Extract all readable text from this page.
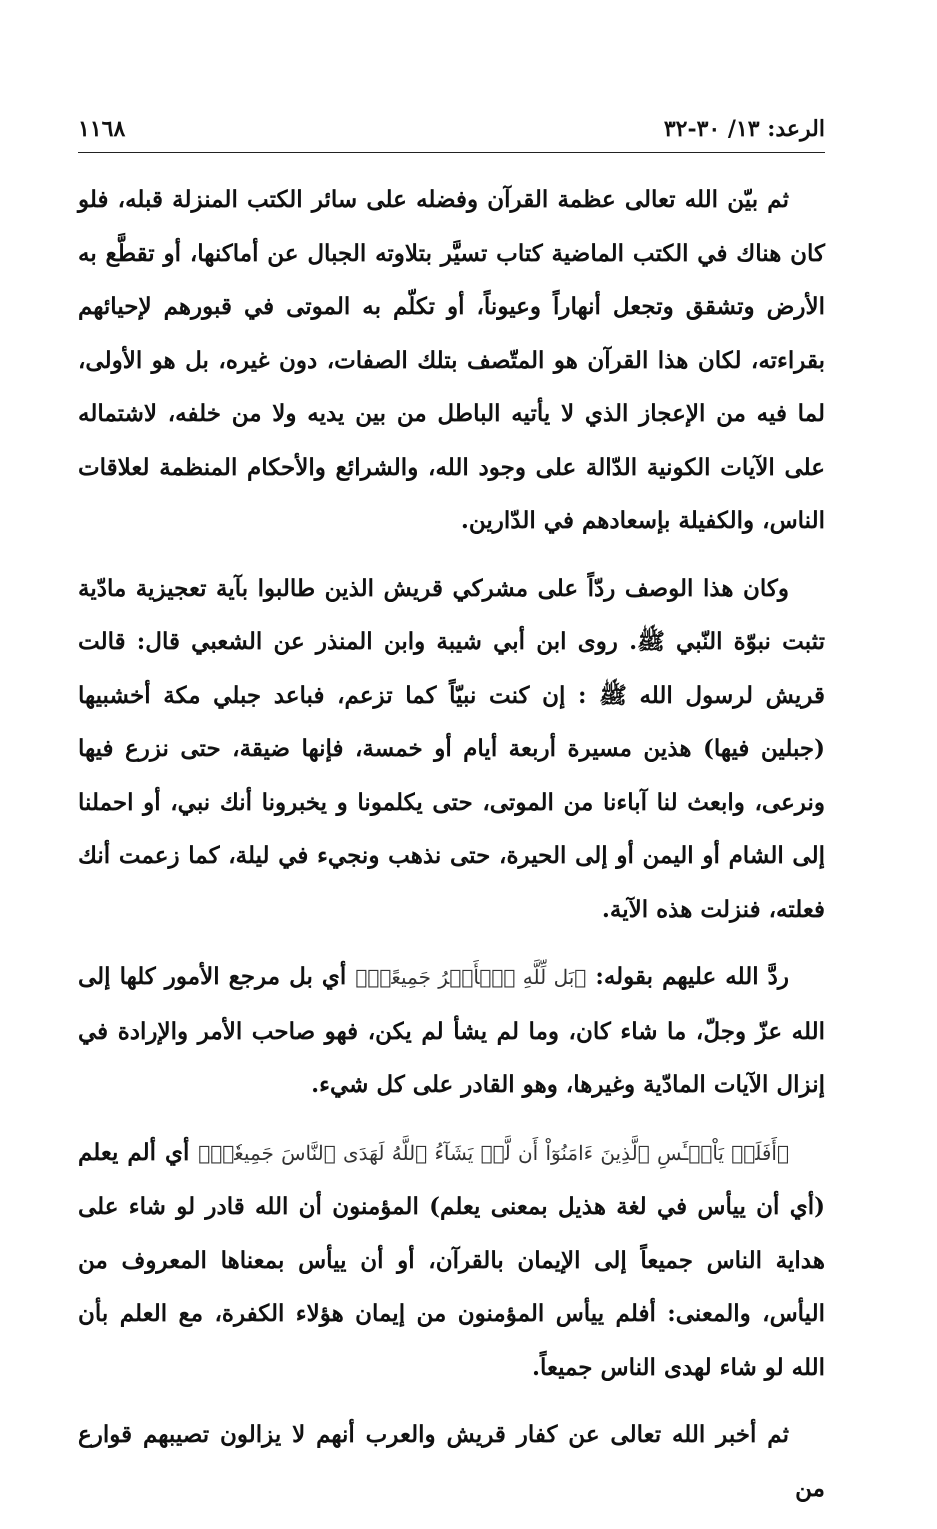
الرعد: ١٣/ ٣٠-٣٢
١١٦٨

ثم بيّن الله تعالى عظمة القرآن وفضله على سائر الكتب المنزلة قبله، فلو كان هناك في الكتب الماضية كتاب تسيَّر بتلاوته الجبال عن أماكنها، أو تقطَّع به الأرض وتشقق وتجعل أنهاراً وعيوناً، أو تكلّم به الموتى في قبورهم لإحيائهم بقراءته، لكان هذا القرآن هو المتّصف بتلك الصفات، دون غيره، بل هو الأولى، لما فيه من الإعجاز الذي لا يأتيه الباطل من بين يديه ولا من خلفه، لاشتماله على الآيات الكونية الدّالة على وجود الله، والشرائع والأحكام المنظمة لعلاقات الناس، والكفيلة بإسعادهم في الدّارين.

وكان هذا الوصف ردّاً على مشركي قريش الذين طالبوا بآية تعجيزية مادّية تثبت نبوّة النّبي ﷺ. روى ابن أبي شيبة وابن المنذر عن الشعبي قال: قالت قريش لرسول الله ﷺ : إن كنت نبيّاً كما تزعم، فباعد جبلي مكة أخشبيها (جبلين فيها) هذين مسيرة أربعة أيام أو خمسة، فإنها ضيقة، حتى نزرع فيها ونرعى، وابعث لنا آباءنا من الموتى، حتى يكلمونا و يخبرونا أنك نبي، أو احملنا إلى الشام أو اليمن أو إلى الحيرة، حتى نذهب ونجيء في ليلة، كما زعمت أنك فعلته، فنزلت هذه الآية.

ردَّ الله عليهم بقوله: ﴿بَل لِّلَّهِ ٱلۡأَمۡرُ جَمِيعًاۗ﴾ أي بل مرجع الأمور كلها إلى الله عزّ وجلّ، ما شاء كان، وما لم يشأ لم يكن، فهو صاحب الأمر والإرادة في إنزال الآيات المادّية وغيرها، وهو القادر على كل شيء.

﴿أَفَلَمۡ يَاْيۡـَٔسِ ٱلَّذِينَ ءَامَنُوٓاْ أَن لَّوۡ يَشَآءُ ٱللَّهُ لَهَدَى ٱلنَّاسَ جَمِيعٗاۗ﴾ أي ألم يعلم (أي أن ييأس في لغة هذيل بمعنى يعلم) المؤمنون أن الله قادر لو شاء على هداية الناس جميعاً إلى الإيمان بالقرآن، أو أن ييأس بمعناها المعروف من اليأس، والمعنى: أفلم ييأس المؤمنون من إيمان هؤلاء الكفرة، مع العلم بأن الله لو شاء لهدى الناس جميعاً.

ثم أخبر الله تعالى عن كفار قريش والعرب أنهم لا يزالون تصيبهم قوارع من
